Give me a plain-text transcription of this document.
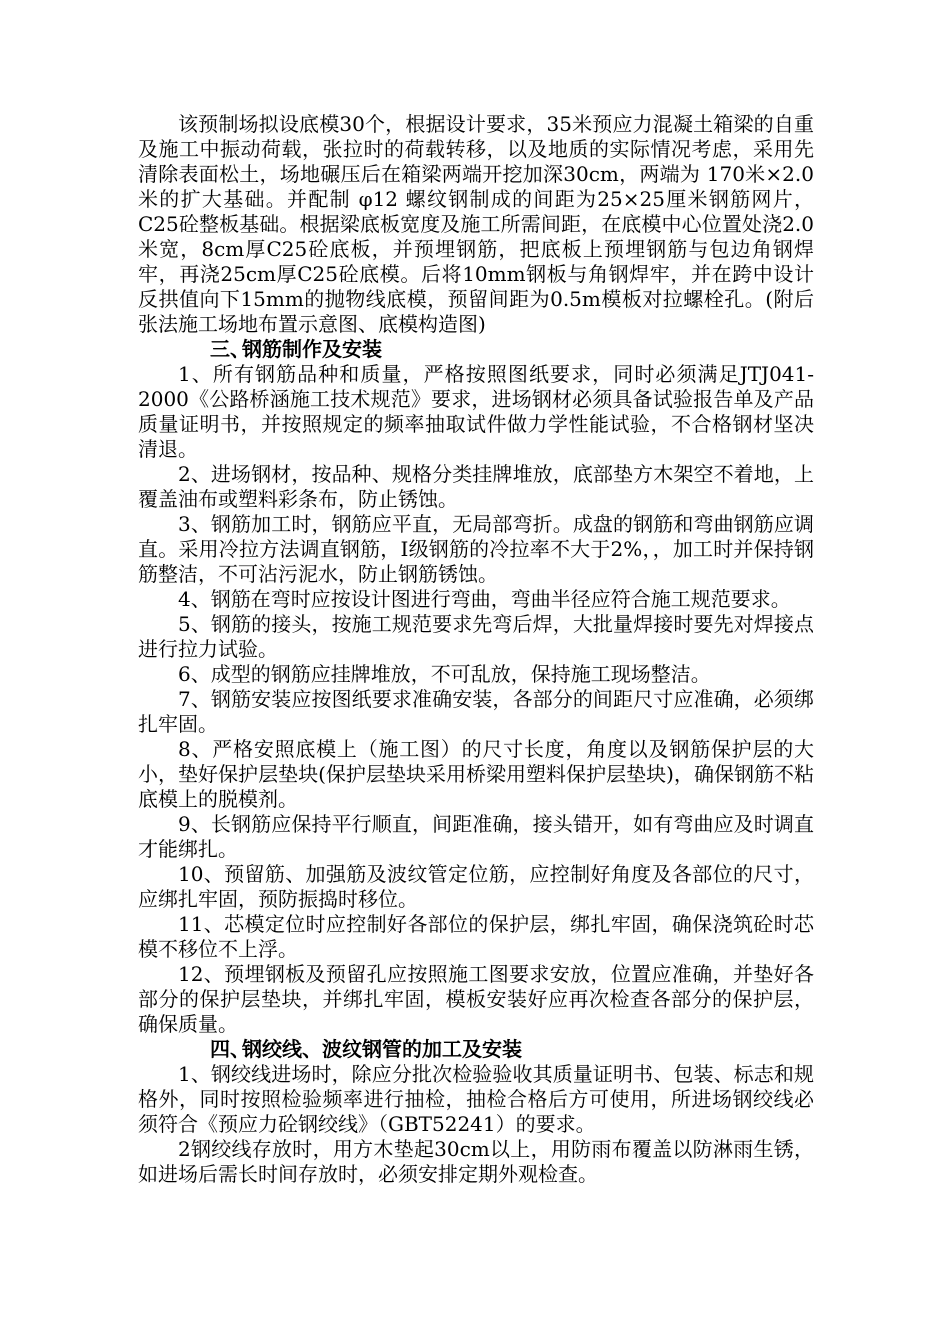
该预制场拟设底模30个，根据设计要求，35米预应力混凝土箱梁的自重及施工中振动荷载，张拉时的荷载转移，以及地质的实际情况考虑，采用先清除表面松土，场地碾压后在箱梁两端开挖加深30cm，两端为 170米×2.0米的扩大基础。并配制 φ12 螺纹钢制成的间距为25×25厘米钢筋网片，C25砼整板基础。根据梁底板宽度及施工所需间距，在底模中心位置处浇2.0米宽，8cm厚C25砼底板，并预埋钢筋，把底板上预埋钢筋与包边角钢焊牢，再浇25cm厚C25砼底模。后将10mm钢板与角钢焊牢，并在跨中设计反拱值向下15mm的抛物线底模，预留间距为0.5m模板对拉螺栓孔。(附后张法施工场地布置示意图、底模构造图)

三、钢筋制作及安装

1、所有钢筋品种和质量，严格按照图纸要求，同时必须满足JTJ041-2000《公路桥涵施工技术规范》要求，进场钢材必须具备试验报告单及产品质量证明书，并按照规定的频率抽取试件做力学性能试验，不合格钢材坚决清退。

2、进场钢材，按品种、规格分类挂牌堆放，底部垫方木架空不着地，上覆盖油布或塑料彩条布，防止锈蚀。

3、钢筋加工时，钢筋应平直，无局部弯折。成盘的钢筋和弯曲钢筋应调直。采用冷拉方法调直钢筋，Ⅰ级钢筋的冷拉率不大于2%，，加工时并保持钢筋整洁，不可沾污泥水，防止钢筋锈蚀。

4、钢筋在弯时应按设计图进行弯曲，弯曲半径应符合施工规范要求。

5、钢筋的接头，按施工规范要求先弯后焊，大批量焊接时要先对焊接点进行拉力试验。

6、成型的钢筋应挂牌堆放，不可乱放，保持施工现场整洁。

7、钢筋安装应按图纸要求准确安装，各部分的间距尺寸应准确，必须绑扎牢固。

8、严格安照底模上（施工图）的尺寸长度，角度以及钢筋保护层的大小，垫好保护层垫块(保护层垫块采用桥梁用塑料保护层垫块)，确保钢筋不粘底模上的脱模剂。

9、长钢筋应保持平行顺直，间距准确，接头错开，如有弯曲应及时调直才能绑扎。

10、预留筋、加强筋及波纹管定位筋，应控制好角度及各部位的尺寸，应绑扎牢固，预防振捣时移位。

11、芯模定位时应控制好各部位的保护层，绑扎牢固，确保浇筑砼时芯模不移位不上浮。

12、预埋钢板及预留孔应按照施工图要求安放，位置应准确，并垫好各部分的保护层垫块，并绑扎牢固，模板安装好应再次检查各部分的保护层， 确保质量。

四、钢绞线、波纹钢管的加工及安装

1、钢绞线进场时，除应分批次检验验收其质量证明书、包装、标志和规格外，同时按照检验频率进行抽检，抽检合格后方可使用，所进场钢绞线必须符合《预应力砼钢绞线》（GBT52241）的要求。

2钢绞线存放时，用方木垫起30cm以上，用防雨布覆盖以防淋雨生锈，如进场后需长时间存放时，必须安排定期外观检查。
